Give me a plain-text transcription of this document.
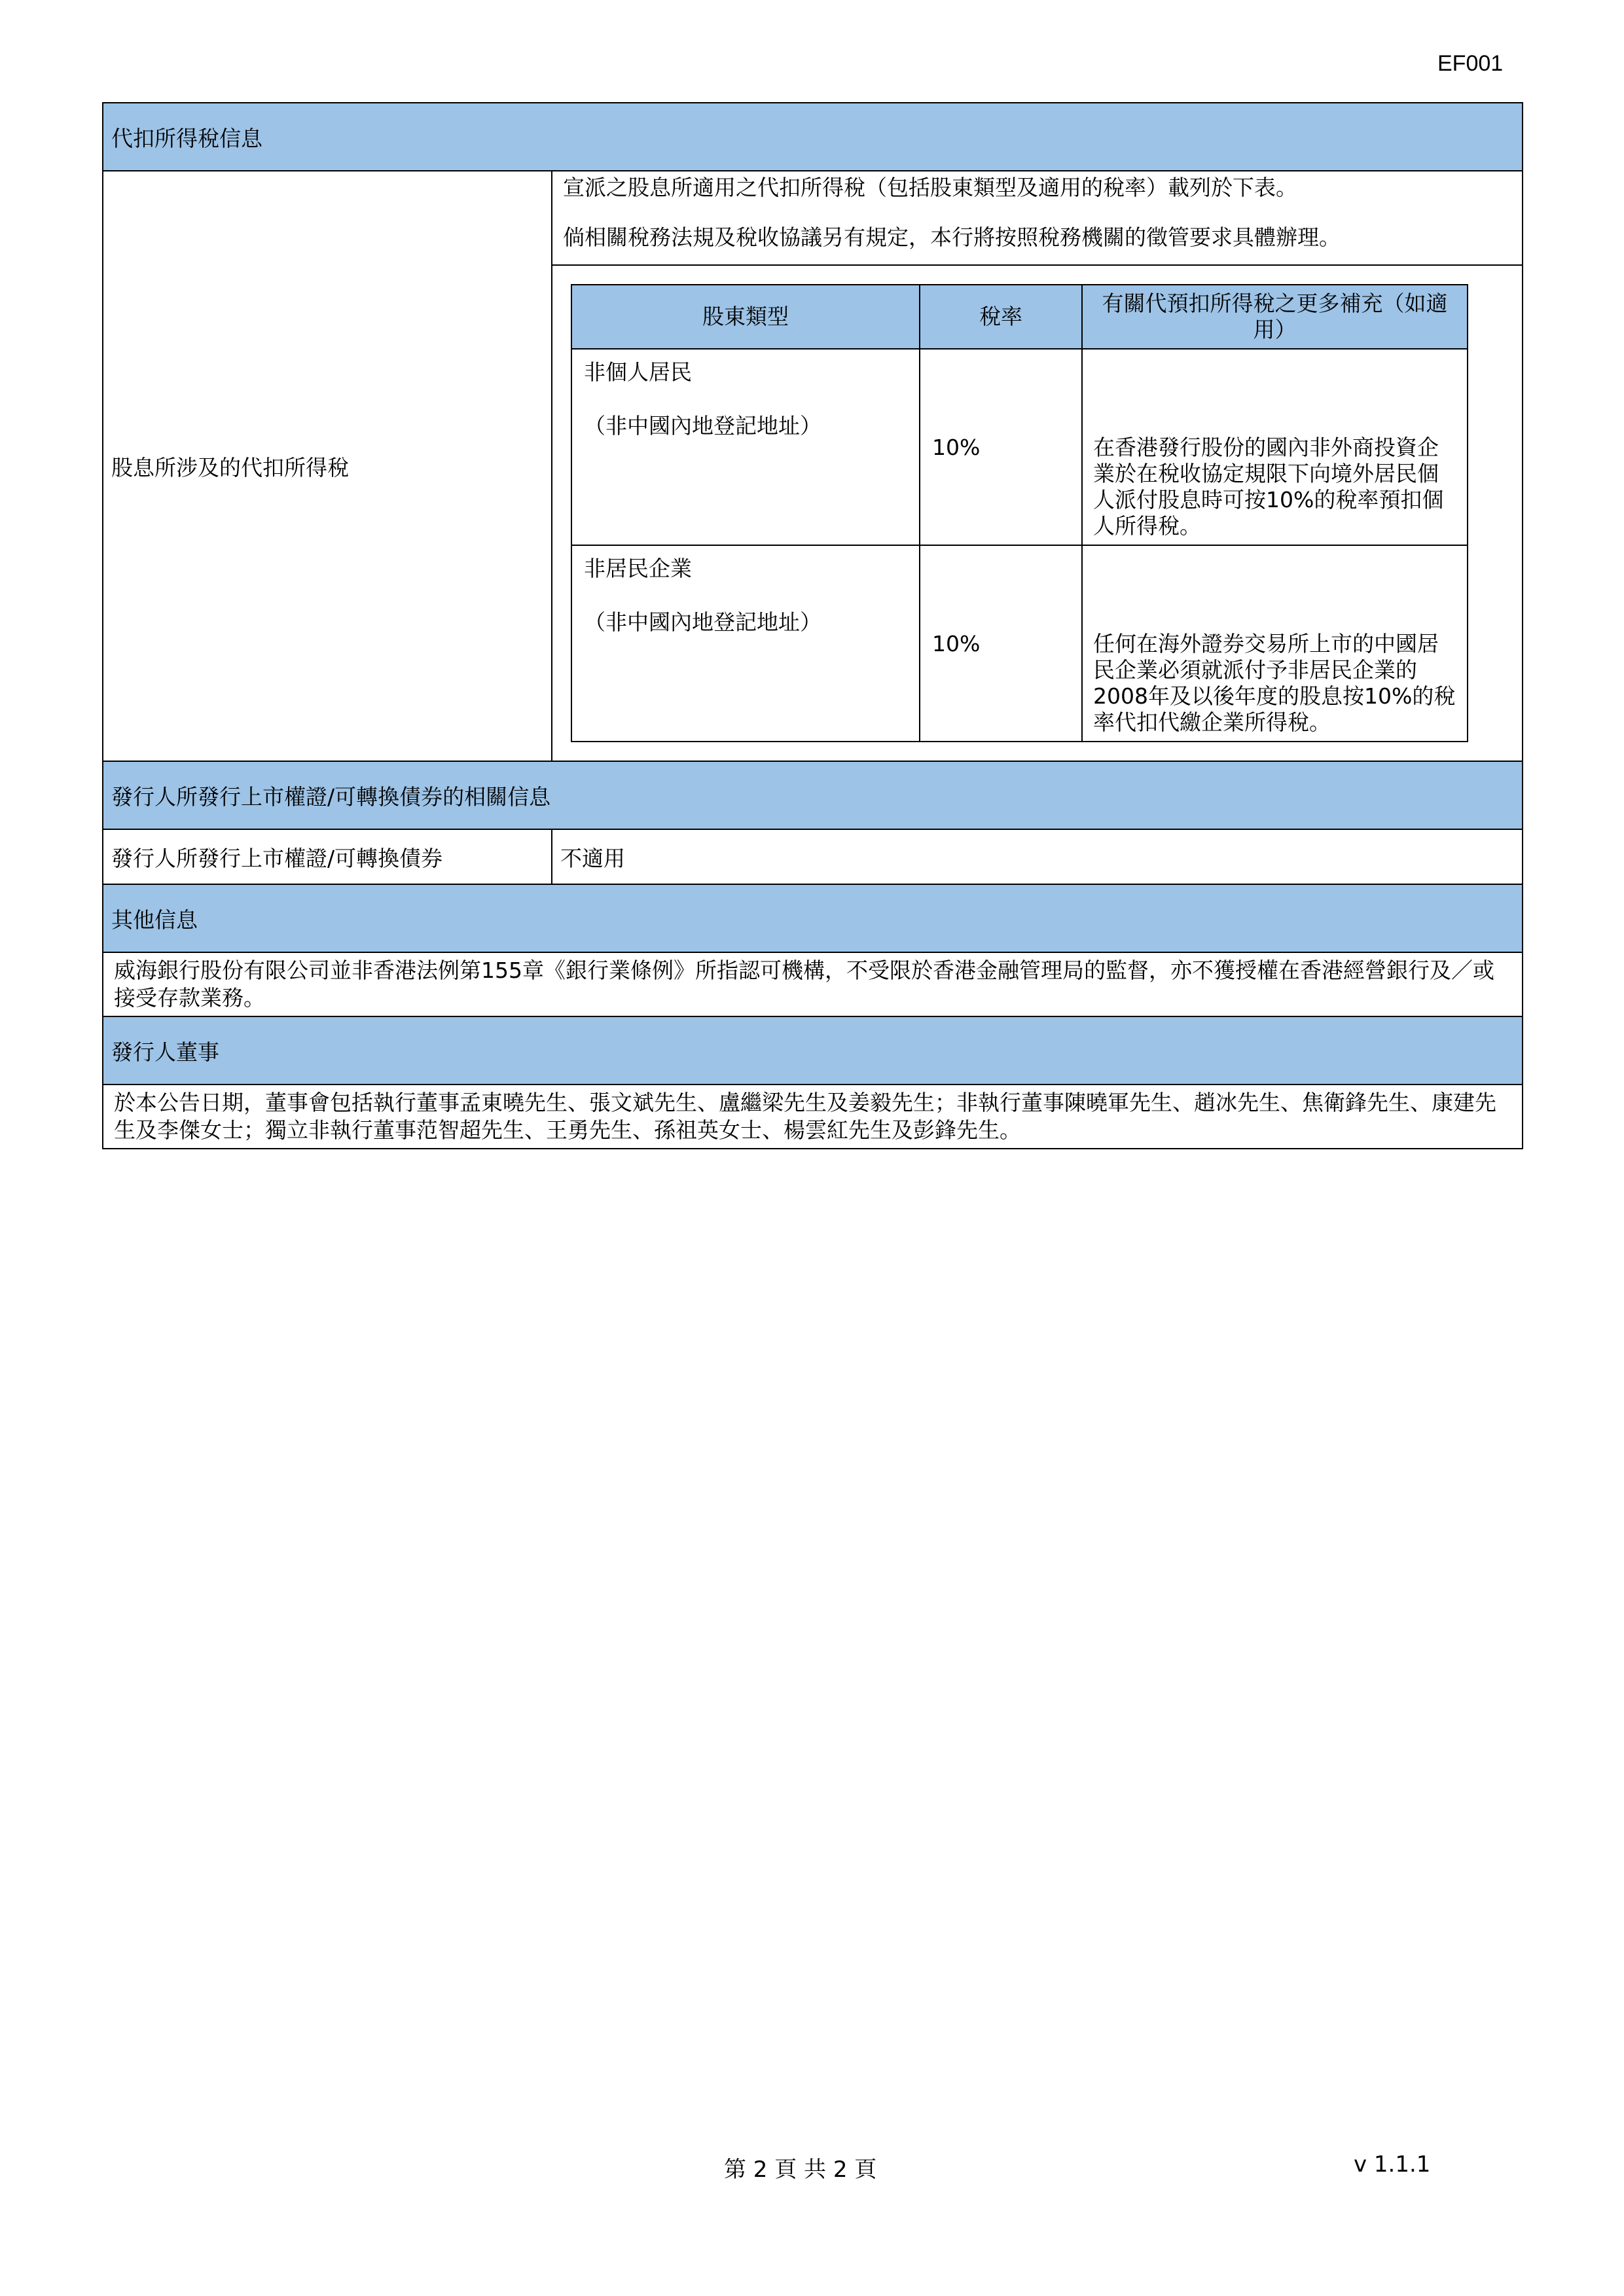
EF001
代扣所得稅信息
股息所涉及的代扣所得稅	

宣派之股息所適用之代扣所得稅（包括股東類型及適用的稅率）載列於下表。

倘相關稅務法規及稅收協議另有規定，本行將按照稅務機關的徵管要求具體辦理。

股東類型	稅率	有關代預扣所得稅之更多補充（如適用）

非個人居民
（非中國內地登記地址）
	10%	在香港發行股份的國內非外商投資企業於在稅收協定規限下向境外居民個人派付股息時可按10%的稅率預扣個人所得稅。

非居民企業
（非中國內地登記地址）
	10%	任何在海外證券交易所上市的中國居民企業必須就派付予非居民企業的2008年及以後年度的股息按10%的稅率代扣代繳企業所得稅。

發行人所發行上市權證/可轉換債券的相關信息
發行人所發行上市權證/可轉換債券	不適用
其他信息
威海銀行股份有限公司並非香港法例第155章《銀行業條例》所指認可機構，不受限於香港金融管理局的監督，亦不獲授權在香港經營銀行及／或接受存款業務。
發行人董事
於本公告日期，董事會包括執行董事孟東曉先生、張文斌先生、盧繼梁先生及姜毅先生；非執行董事陳曉軍先生、趙冰先生、焦衛鋒先生、康建先生及李傑女士；獨立非執行董事范智超先生、王勇先生、孫祖英女士、楊雲紅先生及彭鋒先生。
第 2 頁 共 2 頁	v 1.1.1
